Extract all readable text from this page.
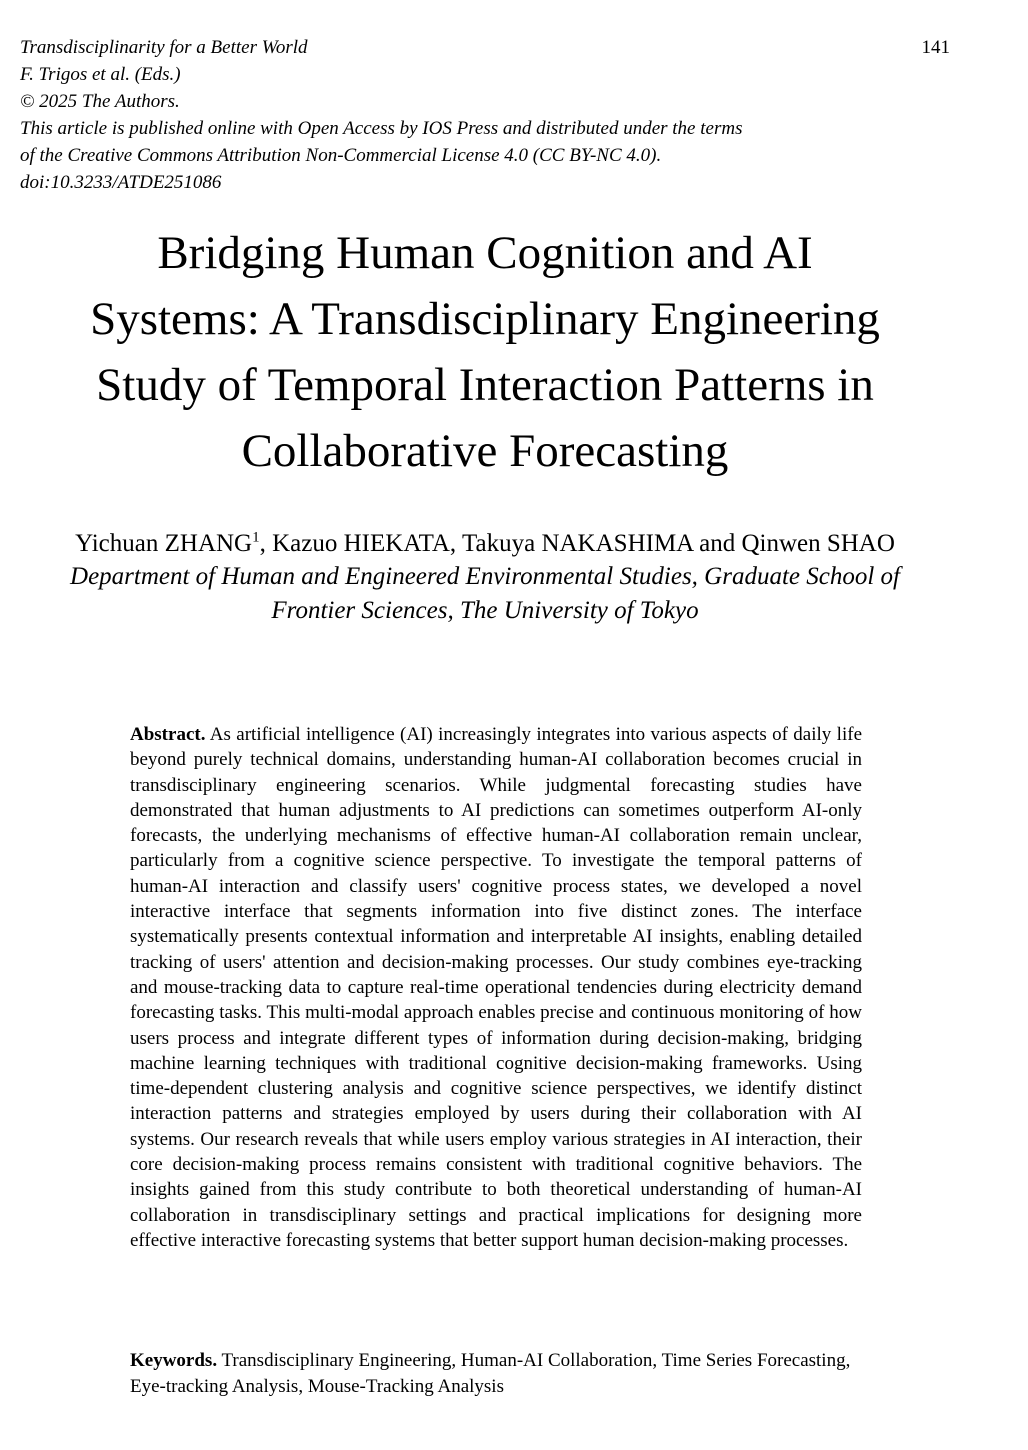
Transdisciplinarity for a Better World
F. Trigos et al. (Eds.)
© 2025 The Authors.
This article is published online with Open Access by IOS Press and distributed under the terms
of the Creative Commons Attribution Non-Commercial License 4.0 (CC BY-NC 4.0).
doi:10.3233/ATDE251086
141
Bridging Human Cognition and AI
Systems: A Transdisciplinary Engineering
Study of Temporal Interaction Patterns in
Collaborative Forecasting
Yichuan ZHANG$^1$, Kazuo HIEKATA, Takuya NAKASHIMA and Qinwen SHAO
Department of Human and Engineered Environmental Studies, Graduate School of
Frontier Sciences, The University of Tokyo

Abstract. As artificial intelligence (AI) increasingly integrates into various aspects of daily life beyond purely technical domains, understanding human-AI collaboration becomes crucial in transdisciplinary engineering scenarios. While judgmental forecasting studies have demonstrated that human adjustments to AI predictions can sometimes outperform AI-only forecasts, the underlying mechanisms of effective human-AI collaboration remain unclear, particularly from a cognitive science perspective. To investigate the temporal patterns of human-AI interaction and classify users' cognitive process states, we developed a novel interactive interface that segments information into five distinct zones. The interface systematically presents contextual information and interpretable AI insights, enabling detailed tracking of users' attention and decision-making processes. Our study combines eye-tracking and mouse-tracking data to capture real-time operational tendencies during electricity demand forecasting tasks. This multi-modal approach enables precise and continuous monitoring of how users process and integrate different types of information during decision-making, bridging machine learning techniques with traditional cognitive decision-making frameworks. Using time-dependent clustering analysis and cognitive science perspectives, we identify distinct interaction patterns and strategies employed by users during their collaboration with AI systems. Our research reveals that while users employ various strategies in AI interaction, their core decision-making process remains consistent with traditional cognitive behaviors. The insights gained from this study contribute to both theoretical understanding of human-AI collaboration in transdisciplinary settings and practical implications for designing more effective interactive forecasting systems that better support human decision-making processes.

Keywords. Transdisciplinary Engineering, Human-AI Collaboration, Time Series Forecasting, Eye-tracking Analysis, Mouse-Tracking Analysis
